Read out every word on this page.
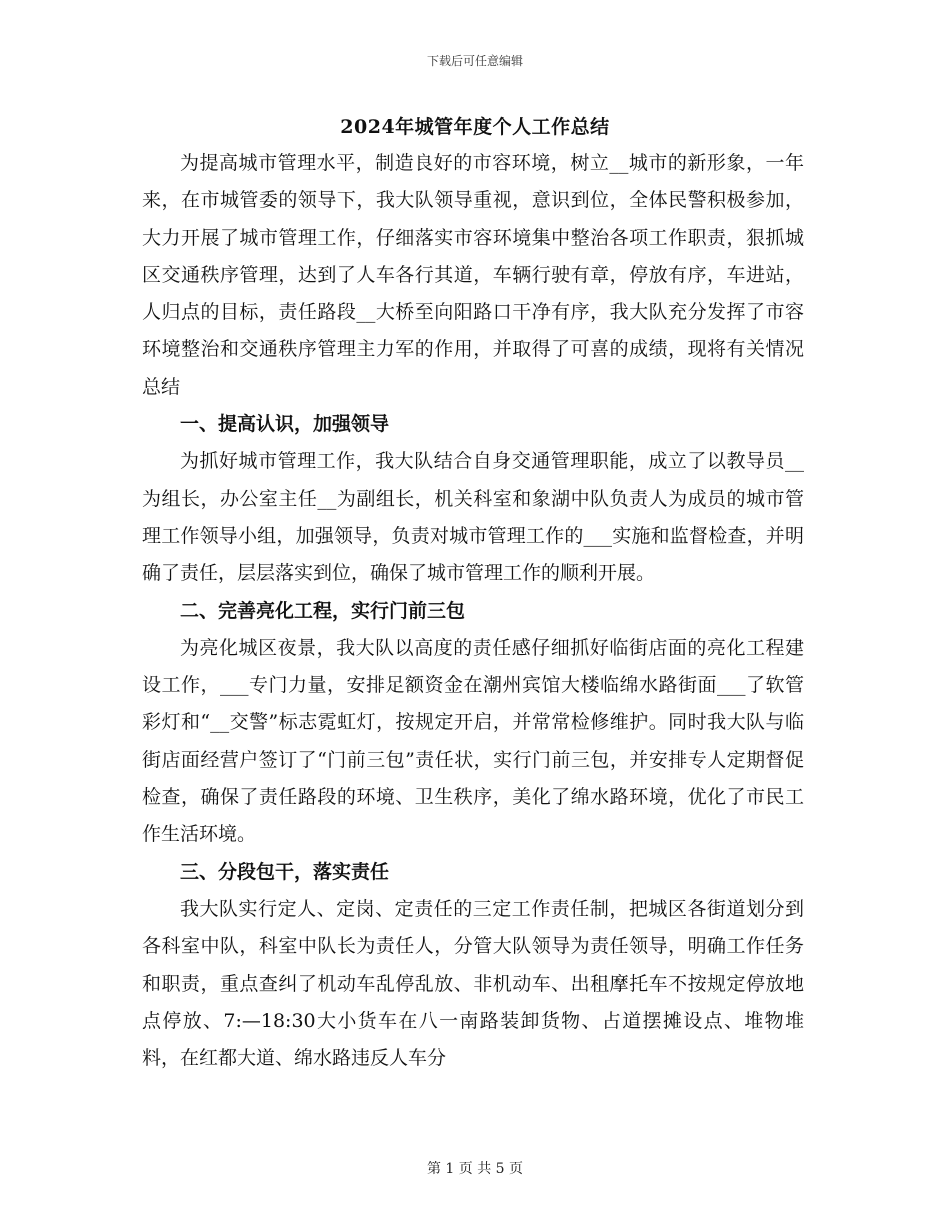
下载后可任意编辑
2024年城管年度个人工作总结

为提高城市管理水平，制造良好的市容环境，树立__城市的新形象，一年来，在市城管委的领导下，我大队领导重视，意识到位，全体民警积极参加，大力开展了城市管理工作，仔细落实市容环境集中整治各项工作职责，狠抓城区交通秩序管理，达到了人车各行其道，车辆行驶有章，停放有序，车进站，人归点的目标，责任路段__大桥至向阳路口干净有序，我大队充分发挥了市容环境整治和交通秩序管理主力军的作用，并取得了可喜的成绩，现将有关情况总结

一、提高认识，加强领导

为抓好城市管理工作，我大队结合自身交通管理职能，成立了以教导员__为组长，办公室主任__为副组长，机关科室和象湖中队负责人为成员的城市管理工作领导小组，加强领导，负责对城市管理工作的___实施和监督检查，并明确了责任，层层落实到位，确保了城市管理工作的顺利开展。

二、完善亮化工程，实行门前三包

为亮化城区夜景，我大队以高度的责任感仔细抓好临街店面的亮化工程建设工作，___专门力量，安排足额资金在潮州宾馆大楼临绵水路街面___了软管彩灯和“__交警”标志霓虹灯，按规定开启，并常常检修维护。同时我大队与临街店面经营户签订了“门前三包”责任状，实行门前三包，并安排专人定期督促检查，确保了责任路段的环境、卫生秩序，美化了绵水路环境，优化了市民工作生活环境。

三、分段包干，落实责任

我大队实行定人、定岗、定责任的三定工作责任制，把城区各街道划分到各科室中队，科室中队长为责任人，分管大队领导为责任领导，明确工作任务和职责，重点查纠了机动车乱停乱放、非机动车、出租摩托车不按规定停放地点停放、7:—18:30大小货车在八一南路装卸货物、占道摆摊设点、堆物堆料，在红都大道、绵水路违反人车分

第 1 页 共 5 页
